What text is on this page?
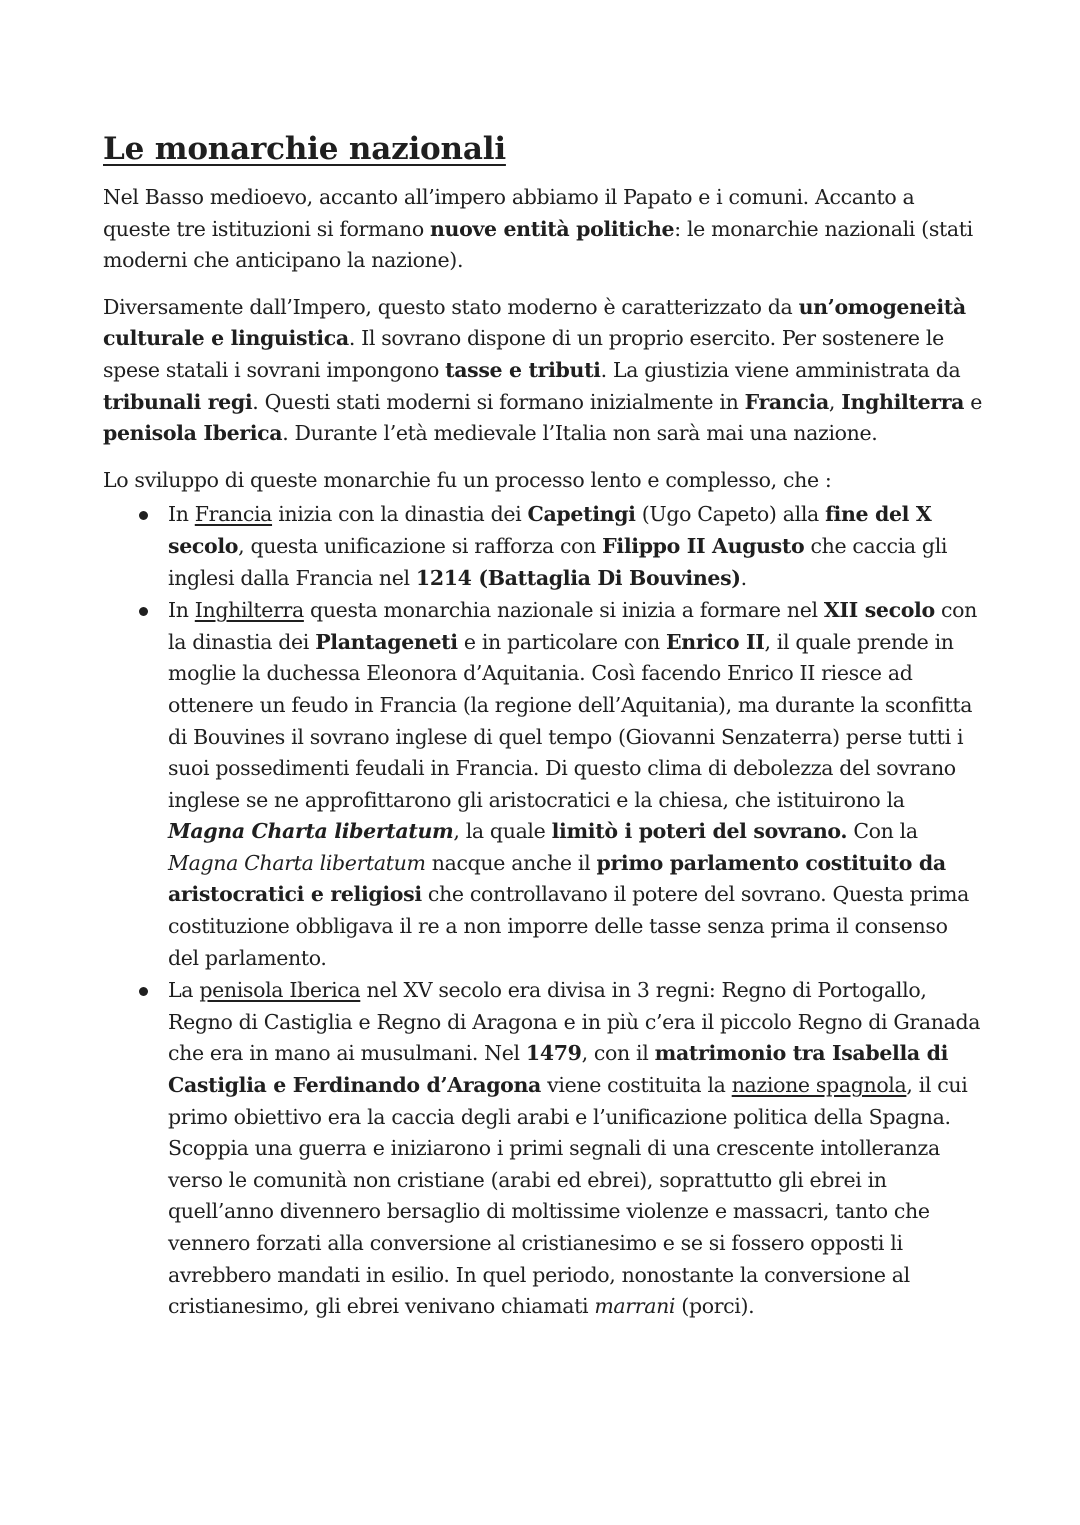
Le monarchie nazionali

Nel Basso medioevo, accanto all’impero abbiamo il Papato e i comuni. Accanto a queste tre istituzioni si formano nuove entità politiche: le monarchie nazionali (stati moderni che anticipano la nazione).

Diversamente dall’Impero, questo stato moderno è caratterizzato da un’omogeneità culturale e linguistica. Il sovrano dispone di un proprio esercito. Per sostenere le spese statali i sovrani impongono tasse e tributi. La giustizia viene amministrata da tribunali regi. Questi stati moderni si formano inizialmente in Francia, Inghilterra e penisola Iberica. Durante l’età medievale l’Italia non sarà mai una nazione.

Lo sviluppo di queste monarchie fu un processo lento e complesso, che :

In Francia inizia con la dinastia dei Capetingi (Ugo Capeto) alla fine del X secolo, questa unificazione si rafforza con Filippo II Augusto che caccia gli inglesi dalla Francia nel 1214 (Battaglia Di Bouvines).
In Inghilterra questa monarchia nazionale si inizia a formare nel XII secolo con la dinastia dei Plantageneti e in particolare con Enrico II, il quale prende in moglie la duchessa Eleonora d’Aquitania. Così facendo Enrico II riesce ad ottenere un feudo in Francia (la regione dell’Aquitania), ma durante la sconfitta di Bouvines il sovrano inglese di quel tempo (Giovanni Senzaterra) perse tutti i suoi possedimenti feudali in Francia. Di questo clima di debolezza del sovrano inglese se ne approfittarono gli aristocratici e la chiesa, che istituirono la Magna Charta libertatum, la quale limitò i poteri del sovrano. Con la Magna Charta libertatum nacque anche il primo parlamento costituito da aristocratici e religiosi che controllavano il potere del sovrano. Questa prima costituzione obbligava il re a non imporre delle tasse senza prima il consenso del parlamento.
La penisola Iberica nel XV secolo era divisa in 3 regni: Regno di Portogallo, Regno di Castiglia e Regno di Aragona e in più c’era il piccolo Regno di Granada che era in mano ai musulmani. Nel 1479, con il matrimonio tra Isabella di Castiglia e Ferdinando d’Aragona viene costituita la nazione spagnola, il cui primo obiettivo era la caccia degli arabi e l’unificazione politica della Spagna. Scoppia una guerra e iniziarono i primi segnali di una crescente intolleranza verso le comunità non cristiane (arabi ed ebrei), soprattutto gli ebrei in quell’anno divennero bersaglio di moltissime violenze e massacri, tanto che vennero forzati alla conversione al cristianesimo e se si fossero opposti li avrebbero mandati in esilio. In quel periodo, nonostante la conversione al cristianesimo, gli ebrei venivano chiamati marrani (porci).
